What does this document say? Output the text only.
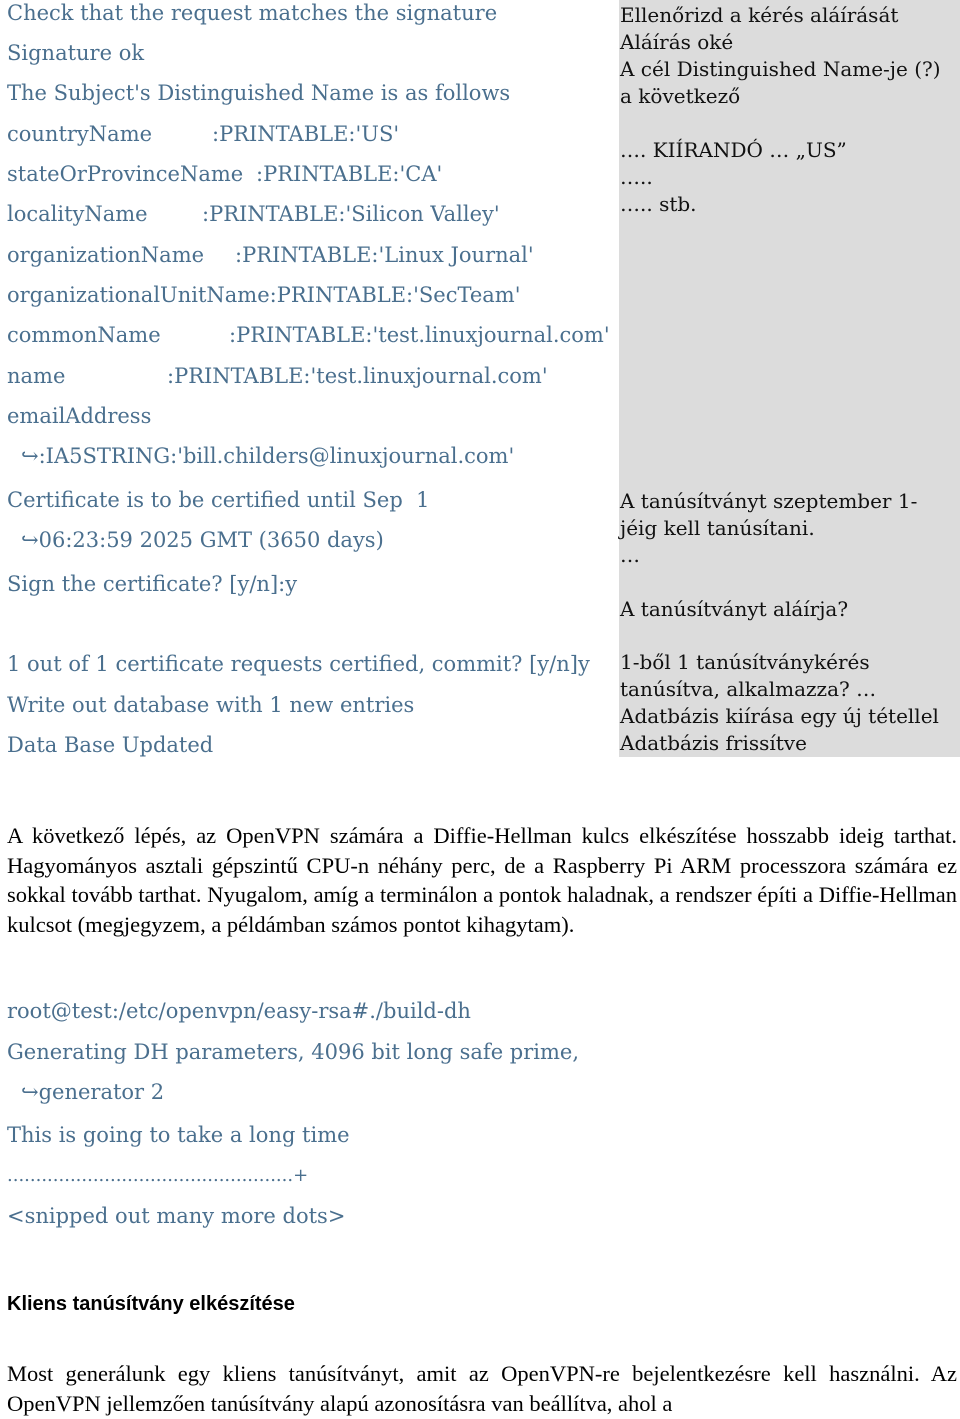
Check that the request matches the signature
Signature ok
The Subject's Distinguished Name is as follows
countryName	:PRINTABLE:'US'
stateOrProvinceName :PRINTABLE:'CA'
localityName	:PRINTABLE:'Silicon Valley'
organizationName :PRINTABLE:'Linux Journal'
organizationalUnitName:PRINTABLE:'SecTeam'
commonName	:PRINTABLE:'test.linuxjournal.com'
name	:PRINTABLE:'test.linuxjournal.com'
emailAddress
↪:IA5STRING:'bill.childers@linuxjournal.com'
Certificate is to be certified until Sep  1
↪06:23:59 2025 GMT (3650 days)
Sign the certificate? [y/n]:y
1 out of 1 certificate requests certified, commit? [y/n]y
Write out database with 1 new entries
Data Base Updated
Ellenőrizd a kérés aláírását
Aláírás oké
A cél Distinguished Name-je (?) a következő

…. KIÍRANDÓ … „US”
…..
….. stb.
A tanúsítványt szeptember 1-jéig kell tanúsítani.
…

A tanúsítványt aláírja?
1-ből 1 tanúsítványkérés tanúsítva, alkalmazza? …
Adatbázis kiírása egy új tétellel
Adatbázis frissítve

A következő lépés, az OpenVPN számára a Diffie-Hellman kulcs elkészítése hosszabb ideig tarthat. Hagyományos asztali gépszintű CPU-n néhány perc, de a Raspberry Pi ARM processzora számára ez sokkal tovább tarthat. Nyugalom, amíg a terminálon a pontok haladnak, a rendszer építi a Diffie-Hellman kulcsot (megjegyzem, a példámban számos pontot kihagytam).

root@test:/etc/openvpn/easy-rsa#./build-dh
Generating DH parameters, 4096 bit long safe prime,
↪generator 2
This is going to take a long time
..................................................+
<snipped out many more dots>
Kliens tanúsítvány elkészítése

Most generálunk egy kliens tanúsítványt, amit az OpenVPN-re bejelentkezésre kell használni. Az OpenVPN jellemzően tanúsítvány alapú azonosításra van beállítva, ahol a
